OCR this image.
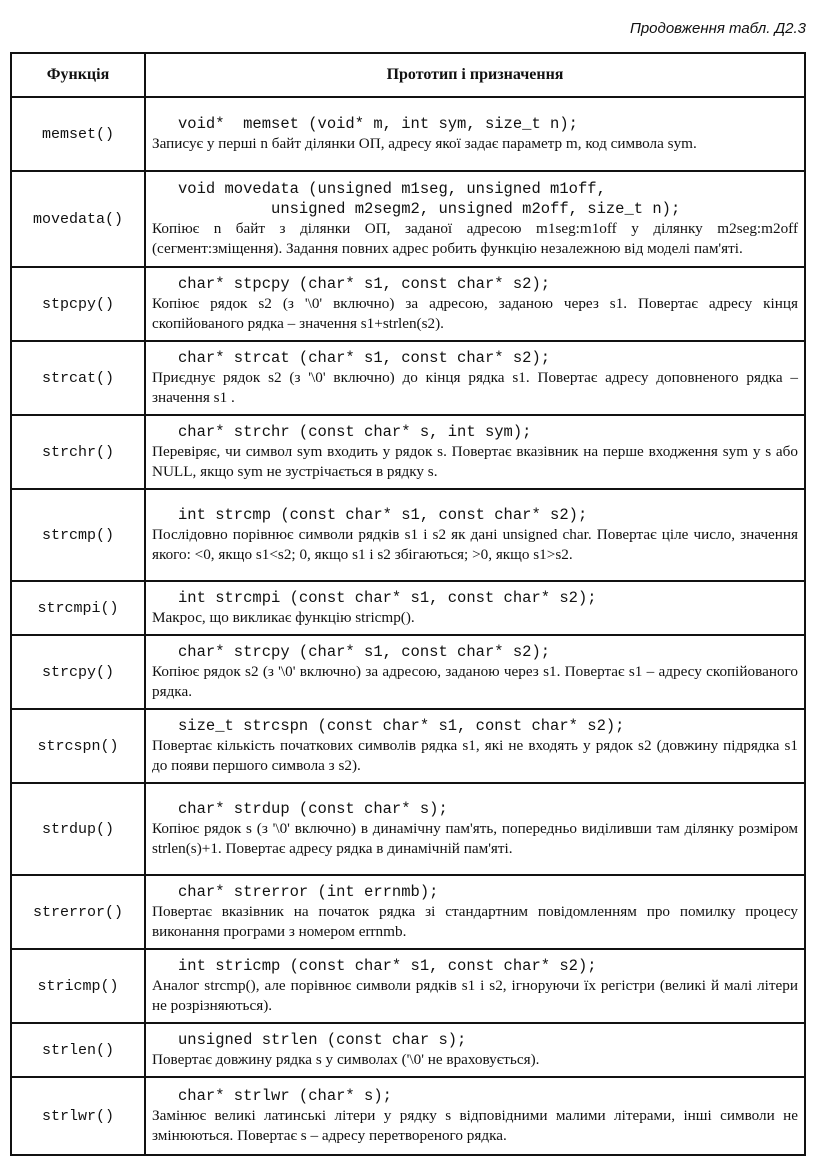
Продовження табл. Д2.3
Функція	Прототип і призначення
memset()	void*  memset (void* m, int sym, size_t n);
Записує у перші n байт ділянки ОП, адресу якої задає параметр m, код символа sym.

movedata()	void movedata (unsigned m1seg, unsigned m1off,
unsigned m2segm2, unsigned m2off, size_t n);
Копіює n байт з ділянки ОП, заданої адресою m1seg:m1off у ділянку m2seg:m2off (сегмент:зміщення). Задання повних адрес робить функцію незалежною від моделі пам'яті.

stpcpy()	char* stpcpy (char* s1, const char* s2);
Копіює рядок s2 (з '\0' включно) за адресою, заданою через s1. Повертає адресу кінця скопійованого рядка – значення s1+strlen(s2).

strcat()	char* strcat (char* s1, const char* s2);
Приєднує рядок s2 (з '\0' включно) до кінця рядка s1. Повертає адресу доповненого рядка – значення s1 .

strchr()	char* strchr (const char* s, int sym);
Перевіряє, чи символ sym входить у рядок s. Повертає вказівник на перше входження sym у s або NULL, якщо sym не зустрічається в рядку s.

strcmp()	int strcmp (const char* s1, const char* s2);
Послідовно порівнює символи рядків s1 і s2 як дані unsigned char. Повертає ціле число, значення якого: <0, якщо s1<s2; 0, якщо s1 і s2 збігаються; >0, якщо s1>s2.

strcmpi()	int strcmpi (const char* s1, const char* s2);
Макрос, що викликає функцію stricmp().

strcpy()	char* strcpy (char* s1, const char* s2);
Копіює рядок s2 (з '\0' включно) за адресою, заданою через s1. Повертає s1 – адресу скопійованого рядка.

strcspn()	size_t strcspn (const char* s1, const char* s2);
Повертає кількість початкових символів рядка s1, які не входять у рядок s2 (довжину підрядка s1 до появи першого символа з s2).

strdup()	char* strdup (const char* s);
Копіює рядок s (з '\0' включно) в динамічну пам'ять, попередньо виділивши там ділянку розміром strlen(s)+1. Повертає адресу рядка в динамічній пам'яті.

strerror()	char* strerror (int errnmb);
Повертає вказівник на початок рядка зі стандартним повідомленням про помилку процесу виконання програми з номером errnmb.

stricmp()	int stricmp (const char* s1, const char* s2);
Аналог strcmp(), але порівнює символи рядків s1 і s2, ігноруючи їх регістри (великі й малі літери не розрізняються).

strlen()	unsigned strlen (const char s);
Повертає довжину рядка s у символах ('\0' не враховується).

strlwr()	char* strlwr (char* s);
Замінює великі латинські літери у рядку s відповідними малими літерами, інші символи не змінюються. Повертає s – адресу перетвореного рядка.
